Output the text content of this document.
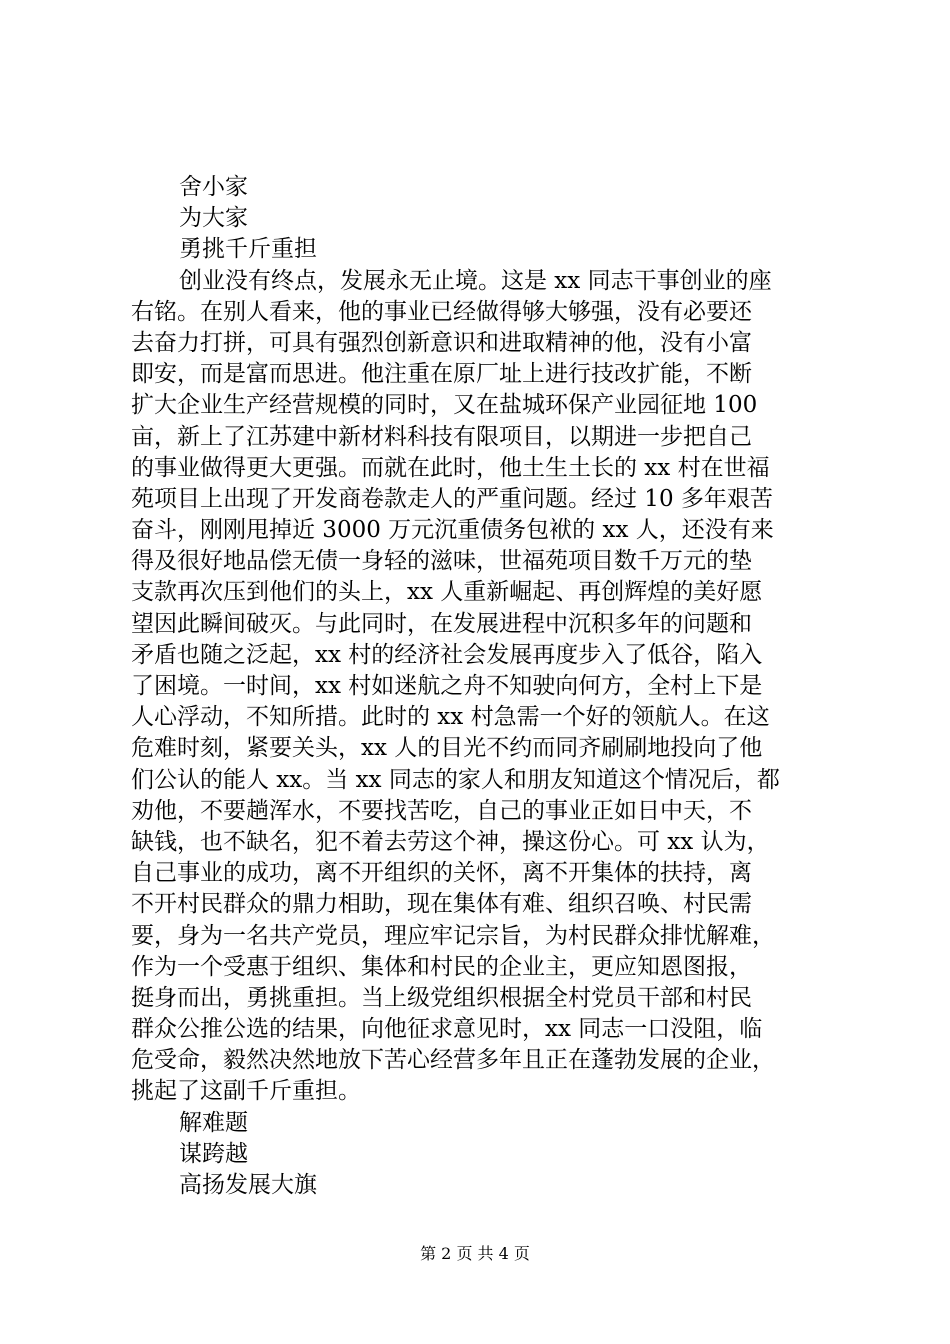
舍小家
为大家
勇挑千斤重担
创业没有终点，发展永无止境。这是 xx 同志干事创业的座
右铭。在别人看来，他的事业已经做得够大够强，没有必要还
去奋力打拼，可具有强烈创新意识和进取精神的他，没有小富
即安，而是富而思进。他注重在原厂址上进行技改扩能，不断
扩大企业生产经营规模的同时，又在盐城环保产业园征地 100
亩，新上了江苏建中新材料科技有限项目，以期进一步把自己
的事业做得更大更强。而就在此时，他土生土长的 xx 村在世福
苑项目上出现了开发商卷款走人的严重问题。经过 10 多年艰苦
奋斗，刚刚甩掉近 3000 万元沉重债务包袱的 xx 人，还没有来
得及很好地品偿无债一身轻的滋味，世福苑项目数千万元的垫
支款再次压到他们的头上，xx 人重新崛起、再创辉煌的美好愿
望因此瞬间破灭。与此同时，在发展进程中沉积多年的问题和
矛盾也随之泛起，xx 村的经济社会发展再度步入了低谷，陷入
了困境。一时间，xx 村如迷航之舟不知驶向何方，全村上下是
人心浮动，不知所措。此时的 xx 村急需一个好的领航人。在这
危难时刻，紧要关头，xx 人的目光不约而同齐刷刷地投向了他
们公认的能人 xx。当 xx 同志的家人和朋友知道这个情况后，都
劝他，不要趟浑水，不要找苦吃，自己的事业正如日中天，不
缺钱，也不缺名，犯不着去劳这个神，操这份心。可 xx 认为，
自己事业的成功，离不开组织的关怀，离不开集体的扶持，离
不开村民群众的鼎力相助，现在集体有难、组织召唤、村民需
要，身为一名共产党员，理应牢记宗旨，为村民群众排忧解难，
作为一个受惠于组织、集体和村民的企业主，更应知恩图报，
挺身而出，勇挑重担。当上级党组织根据全村党员干部和村民
群众公推公选的结果，向他征求意见时，xx 同志一口没阻，临
危受命，毅然决然地放下苦心经营多年且正在蓬勃发展的企业，
挑起了这副千斤重担。
解难题
谋跨越
高扬发展大旗
第 2 页 共 4 页
